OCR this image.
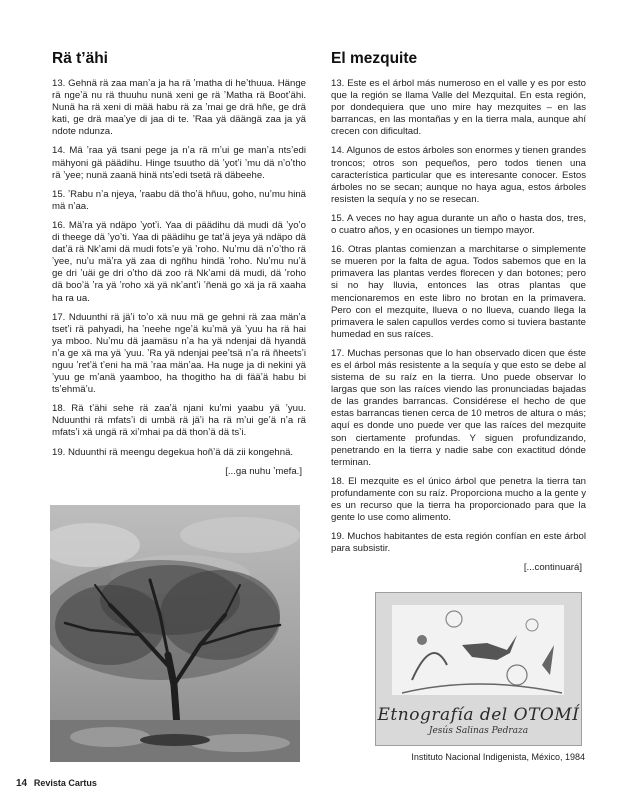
Rä tʼähi

13. Gehnä rä zaa manʼa ja ha rä ʼmatha di heʼthuua. Hänge rä ngeʼä nu rä thuuhu nunä xeni ge rä ʼMatha rä Bootʼähi. Nunä ha rä xeni di mää habu rä za ʼmai ge drä hñe, ge drä kati, ge drä maaʼye di jaa di te. ʼRaa yä däängä zaa ja yä ndote ndunza.

14. Mä ʼraa yä tsani pege ja nʼa rä mʼui ge manʼa ntsʼedi mähyoni gä päädihu. Hinge tsuutho dä ʼyotʼi ʼmu dä nʼoʼtho rä ʼyee; nunä zaanä hinä ntsʼedi tsetä rä däbeehe.

15. ʼRabu nʼa njeya, ʼraabu dä thoʼä hñuu, goho, nuʼmu hinä mä nʼaa.

16. Mäʼra yä ndäpo ʼyotʼi. Yaa di päädihu dä mudi dä ʼyoʼo di theege dä ʼyoʼti. Yaa di päädihu ge tatʼä jeya yä ndäpo dä datʼä rä Nkʼami dä mudi fotsʼe yä ʼroho. Nuʼmu dä nʼoʼtho rä ʼyee, nuʼu mäʼra yä zaa di ngñhu hindä ʼroho. Nuʼmu nuʼä ge dri ʼuäi ge dri oʼtho dä zoo rä Nkʼami dä mudi, dä ʼroho dä booʼä ʼra yä ʼroho xä yä nkʼantʼi ʼñenä go xä ja rä xaaha ha ra ua.

17. Nduunthi rä jäʼi toʼo xä nuu mä ge gehni rä zaa mänʼa tsetʼi rä pahyadi, ha ʼneehe ngeʼä kuʼmä yä ʼyuu ha rä hai ya mboo. Nuʼmu dä jaamäsu nʼa ha yä ndenjai dä hyandä nʼa ge xä ma yä ʼyuu. ʼRa yä ndenjai peeʼtsä nʼa rä ñheetsʼi nguu ʼretʼä tʼeni ha mä ʼraa mänʼaa. Ha nuge ja di nekini yä ʼyuu ge mʼanä yaamboo, ha thogitho ha di fääʼä habu bi tsʼehmäʼu.

18. Rä tʼähi sehe rä zaaʼä njani kuʼmi yaabu yä ʼyuu. Nduunthi rä mfatsʼi di umbä rä jäʼi ha rä mʼui geʼä nʼa rä mfatsʼi xä ungä rä xiʼmhai pa dä thonʼä dä tsʼi.

19. Nduunthi rä meengu degekua hoñʼä dä zii kongehnä.

[...ga nuhu ʼmefa.]
El mezquite

13. Este es el árbol más numeroso en el valle y es por esto que la región se llama Valle del Mezquital. En esta región, por dondequiera que uno mire hay mezquites – en las barrancas, en las montañas y en la tierra mala, aunque ahí crecen con dificultad.

14. Algunos de estos árboles son enormes y tienen grandes troncos; otros son pequeños, pero todos tienen una característica particular que es interesante conocer. Estos árboles no se secan; aunque no haya agua, estos árboles resisten la sequía y no se resecan.

15. A veces no hay agua durante un año o hasta dos, tres, o cuatro años, y en ocasiones un tiempo mayor.

16. Otras plantas comienzan a marchitarse o simplemente se mueren por la falta de agua. Todos sabemos que en la primavera las plantas verdes florecen y dan botones; pero si no hay lluvia, entonces las otras plantas que mencionaremos en este libro no brotan en la primavera. Pero con el mezquite, llueva o no llueva, cuando llega la primavera le salen capullos verdes como si tuviera bastante humedad en sus raíces.

17. Muchas personas que lo han observado dicen que éste es el árbol más resistente a la sequía y que esto se debe al sistema de su raíz en la tierra. Uno puede observar lo largas que son las raíces viendo las pronunciadas bajadas de las grandes barrancas. Considérese el hecho de que estas barrancas tienen cerca de 10 metros de altura o más; aquí es donde uno puede ver que las raíces del mezquite son ciertamente profundas. Y siguen profundizando, penetrando en la tierra y nadie sabe con exactitud dónde terminan.

18. El mezquite es el único árbol que penetra la tierra tan profundamente con su raíz. Proporciona mucho a la gente y es un recurso que la tierra ha proporcionado para que la gente lo use como alimento.

19. Muchos habitantes de esta región confían en este árbol para subsistir.

[...continuará]
Etnografía del OTOMÍ
Jesús Salinas Pedraza
Instituto Nacional Indigenista, México, 1984
14 Revista Cartus
